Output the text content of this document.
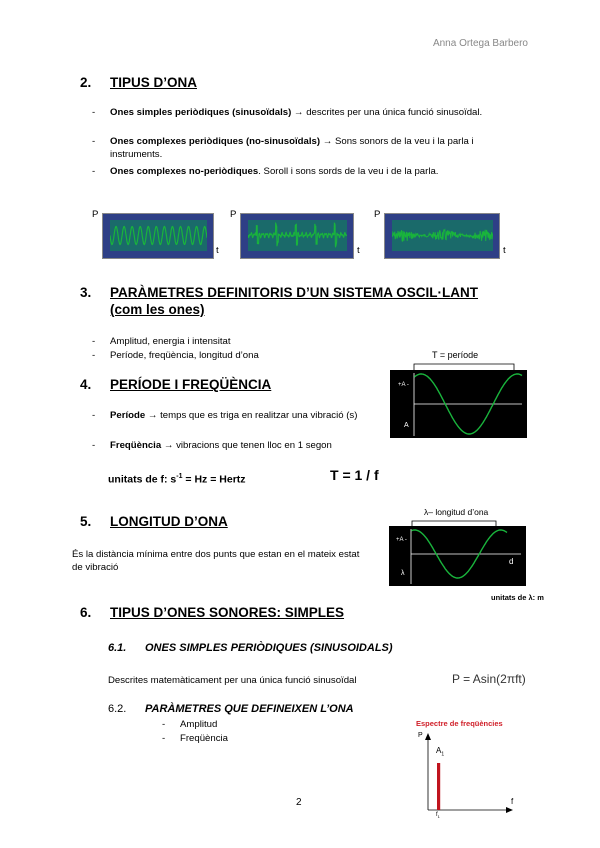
Anna Ortega Barbero
2. TIPUS D’ONA
- Ones simples periòdiques (sinusoïdals) → descrites per una única funció sinusoïdal.
- Ones complexes periòdiques (no-sinusoïdals) → Sons sonors de la veu i la parla i instruments.
- Ones complexes no-periòdiques. Soroll i sons sords de la veu i de la parla.
P
t
P
t
P
t
3. PARÀMETRES DEFINITORIS D’UN SISTEMA OSCIL·LANT
(com les ones)
- Amplitud, energia i intensitat
- Període, freqüència, longitud d’ona
4. PERÍODE I FREQÜÈNCIA
- Període → temps que es triga en realitzar una vibració (s)
- Freqüència → vibracions que tenen lloc en 1 segon
unitats de f: $s^{-1} = Hz$ = Hertz	T = 1 / f
T = període
+A -
A
t
5. LONGITUD D’ONA
És la distància mínima entre dos punts que estan en el mateix estat de vibració
λ– longitud d’ona
+A -
λ
d
unitats de λ: m
6. TIPUS D’ONES SONORES: SIMPLES
6.1. ONES SIMPLES PERIÒDIQUES (SINUSOIDALS)
Descrites matemàticament per una única funció sinusoïdal	P = Asin(2πft)
6.2. PARÀMETRES QUE DEFINEIXEN L’ONA
- Amplitud
- Freqüència
Espectre de freqüències
P
f
$A_1$
$f_1$
2
